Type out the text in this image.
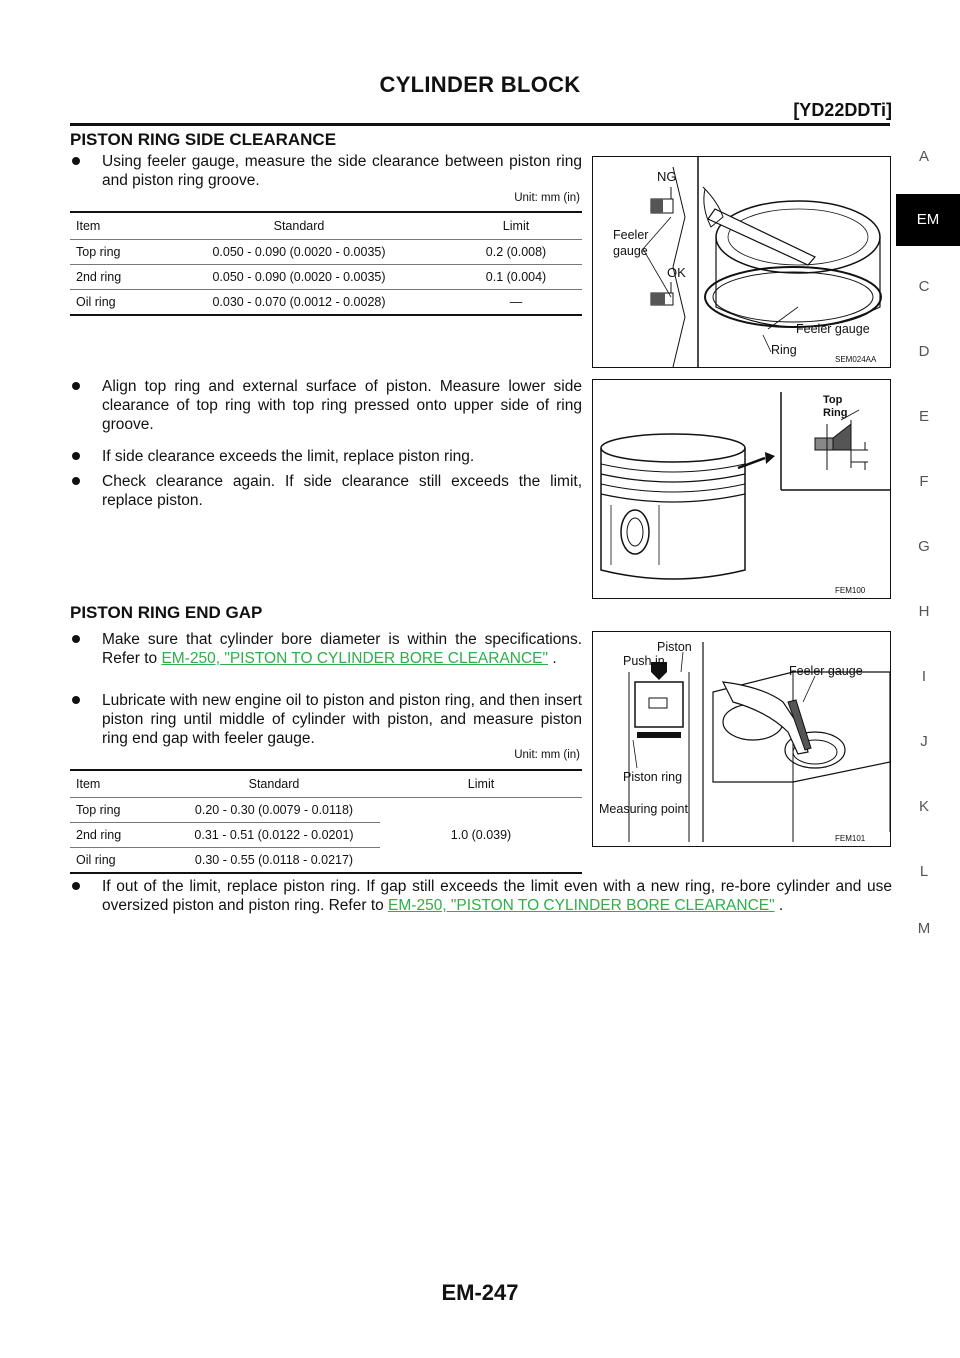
CYLINDER BLOCK
[YD22DDTi]
A
EM
C
D
E
F
G
H
I
J
K
L
M
PISTON RING SIDE CLEARANCE
Using feeler gauge, measure the side clearance between piston ring and piston ring groove.
Unit: mm (in)
Item	Standard	Limit
Top ring	0.050 - 0.090 (0.0020 - 0.0035)	0.2 (0.008)
2nd ring	0.050 - 0.090 (0.0020 - 0.0035)	0.1 (0.004)
Oil ring	0.030 - 0.070 (0.0012 - 0.0028)	—
NG
Feeler gauge
OK
Feeler gauge
Ring
SEM024AA
Align top ring and external surface of piston. Measure lower side clearance of top ring with top ring pressed onto upper side of ring groove.
If side clearance exceeds the limit, replace piston ring.
Check clearance again. If side clearance still exceeds the limit, replace piston.
Top Ring
FEM100
PISTON RING END GAP
Make sure that cylinder bore diameter is within the specifications. Refer to EM-250, "PISTON TO CYLINDER BORE CLEARANCE" .
Lubricate with new engine oil to piston and piston ring, and then insert piston ring until middle of cylinder with piston, and measure piston ring end gap with feeler gauge.
Unit: mm (in)
Item	Standard	Limit
Top ring	0.20 - 0.30 (0.0079 - 0.0118)	1.0 (0.039)
2nd ring	0.31 - 0.51 (0.0122 - 0.0201)	
Oil ring	0.30 - 0.55 (0.0118 - 0.0217)	
Piston
Push in
Feeler gauge
Piston ring
Measuring point
FEM101
If out of the limit, replace piston ring. If gap still exceeds the limit even with a new ring, re-bore cylinder and use oversized piston and piston ring. Refer to EM-250, "PISTON TO CYLINDER BORE CLEARANCE" .
EM-247
